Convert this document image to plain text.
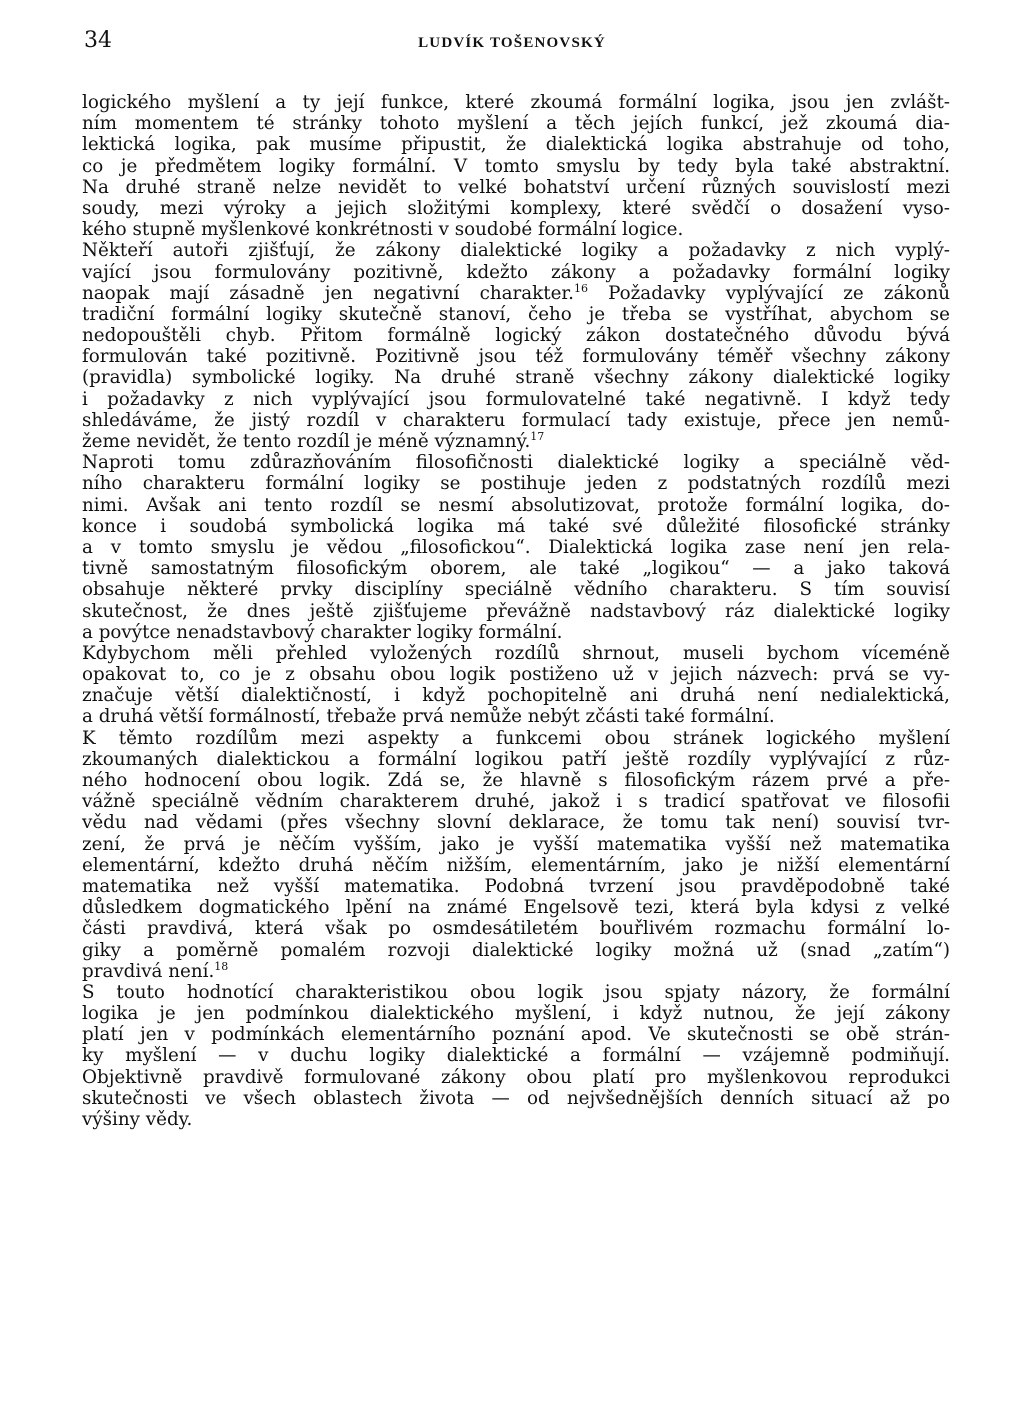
34	LUDVÍK TOŠENOVSKÝ
logického myšlení a ty její funkce, které zkoumá formální logika, jsou jen zvlášt-
ním momentem té stránky tohoto myšlení a těch jejích funkcí, jež zkoumá dia-
lektická logika, pak musíme připustit, že dialektická logika abstrahuje od toho,
co je předmětem logiky formální. V tomto smyslu by tedy byla také abstraktní.
Na druhé straně nelze nevidět to velké bohatství určení různých souvislostí mezi
soudy, mezi výroky a jejich složitými komplexy, které svědčí o dosažení vyso-
kého stupně myšlenkové konkrétnosti v soudobé formální logice.
Někteří autoři zjišťují, že zákony dialektické logiky a požadavky z nich vyplý-
vající jsou formulovány pozitivně, kdežto zákony a požadavky formální logiky
naopak mají zásadně jen negativní charakter.$^{16}$ Požadavky vyplývající ze zákonů
tradiční formální logiky skutečně stanoví, čeho je třeba se vystříhat, abychom se
nedopouštěli chyb. Přitom formálně logický zákon dostatečného důvodu bývá
formulován také pozitivně. Pozitivně jsou též formulovány téměř všechny zákony
(pravidla) symbolické logiky. Na druhé straně všechny zákony dialektické logiky
i požadavky z nich vyplývající jsou formulovatelné také negativně. I když tedy
shledáváme, že jistý rozdíl v charakteru formulací tady existuje, přece jen nemů-
žeme nevidět, že tento rozdíl je méně významný.$^{17}$
Naproti tomu zdůrazňováním filosofičnosti dialektické logiky a speciálně věd-
ního charakteru formální logiky se postihuje jeden z podstatných rozdílů mezi
nimi. Avšak ani tento rozdíl se nesmí absolutizovat, protože formální logika, do-
konce i soudobá symbolická logika má také své důležité filosofické stránky
a v tomto smyslu je vědou „filosofickou“. Dialektická logika zase není jen rela-
tivně samostatným filosofickým oborem, ale také „logikou“ — a jako taková
obsahuje některé prvky disciplíny speciálně vědního charakteru. S tím souvisí
skutečnost, že dnes ještě zjišťujeme převážně nadstavbový ráz dialektické logiky
a povýtce nenadstavbový charakter logiky formální.
Kdybychom měli přehled vyložených rozdílů shrnout, museli bychom víceméně
opakovat to, co je z obsahu obou logik postiženo už v jejich názvech: prvá se vy-
značuje větší dialektičností, i když pochopitelně ani druhá není nedialektická,
a druhá větší formálností, třebaže prvá nemůže nebýt zčásti také formální.
K těmto rozdílům mezi aspekty a funkcemi obou stránek logického myšlení
zkoumaných dialektickou a formální logikou patří ještě rozdíly vyplývající z růz-
ného hodnocení obou logik. Zdá se, že hlavně s filosofickým rázem prvé a pře-
vážně speciálně vědním charakterem druhé, jakož i s tradicí spatřovat ve filosofii
vědu nad vědami (přes všechny slovní deklarace, že tomu tak není) souvisí tvr-
zení, že prvá je něčím vyšším, jako je vyšší matematika vyšší než matematika
elementární, kdežto druhá něčím nižším, elementárním, jako je nižší elementární
matematika než vyšší matematika. Podobná tvrzení jsou pravděpodobně také
důsledkem dogmatického lpění na známé Engelsově tezi, která byla kdysi z velké
části pravdivá, která však po osmdesátiletém bouřlivém rozmachu formální lo-
giky a poměrně pomalém rozvoji dialektické logiky možná už (snad „zatím“)
pravdivá není.$^{18}$
S touto hodnotící charakteristikou obou logik jsou spjaty názory, že formální
logika je jen podmínkou dialektického myšlení, i když nutnou, že její zákony
platí jen v podmínkách elementárního poznání apod. Ve skutečnosti se obě strán-
ky myšlení — v duchu logiky dialektické a formální — vzájemně podmiňují.
Objektivně pravdivě formulované zákony obou platí pro myšlenkovou reprodukci
skutečnosti ve všech oblastech života — od nejvšednějších denních situací až po
výšiny vědy.
